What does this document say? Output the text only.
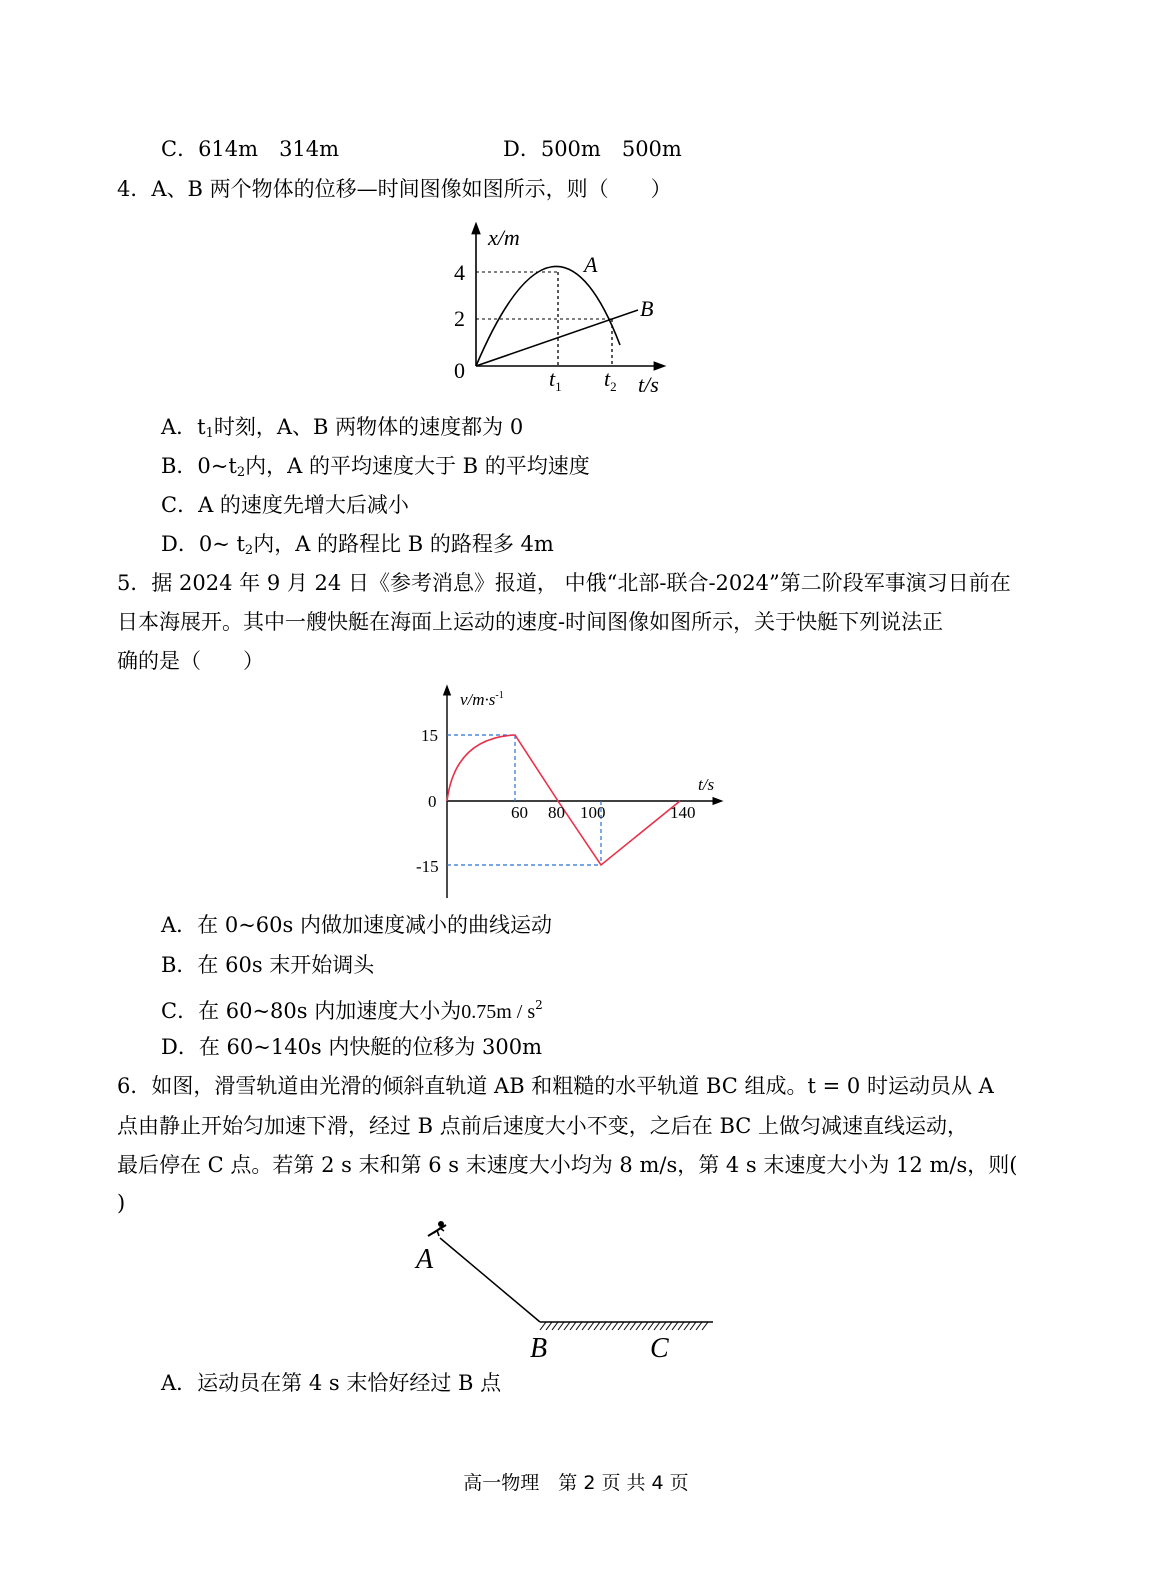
C．614m　314m	D．500m　500m
4．A、B 两个物体的位移—时间图像如图所示，则（　　）
x/m
4
2
0
A
B
$t_1$ $t_2$ t/s
A．$t_1$时刻，A、B 两物体的速度都为 0
B．$0\sim t_2$内，A 的平均速度大于 B 的平均速度
C．A 的速度先增大后减小
D．0~ $t_2$内，A 的路程比 B 的路程多 4m
5．据 2024 年 9 月 24 日《参考消息》报道， 中俄“北部-联合-2024”第二阶段军事演习日前在
日本海展开。其中一艘快艇在海面上运动的速度-时间图像如图所示，关于快艇下列说法正
确的是（　　）
$v/m\cdot s^{-1}$
15
0
-15
t/s
60 80 100	140
A．在 0~60s 内做加速度减小的曲线运动
B．在 60s 末开始调头
C．在 60~80s 内加速度大小为$0.75m / s^2$
D．在 60~140s 内快艇的位移为 300m
6．如图，滑雪轨道由光滑的倾斜直轨道 AB 和粗糙的水平轨道 BC 组成。t = 0 时运动员从 A
点由静止开始匀加速下滑，经过 B 点前后速度大小不变，之后在 BC 上做匀减速直线运动，
最后停在 C 点。若第 2 s 末和第 6 s 末速度大小均为 8 m/s，第 4 s 末速度大小为 12 m/s，则(
)
A
B	C
A．运动员在第 4 s 末恰好经过 B 点
高一物理　第 2 页 共 4 页
